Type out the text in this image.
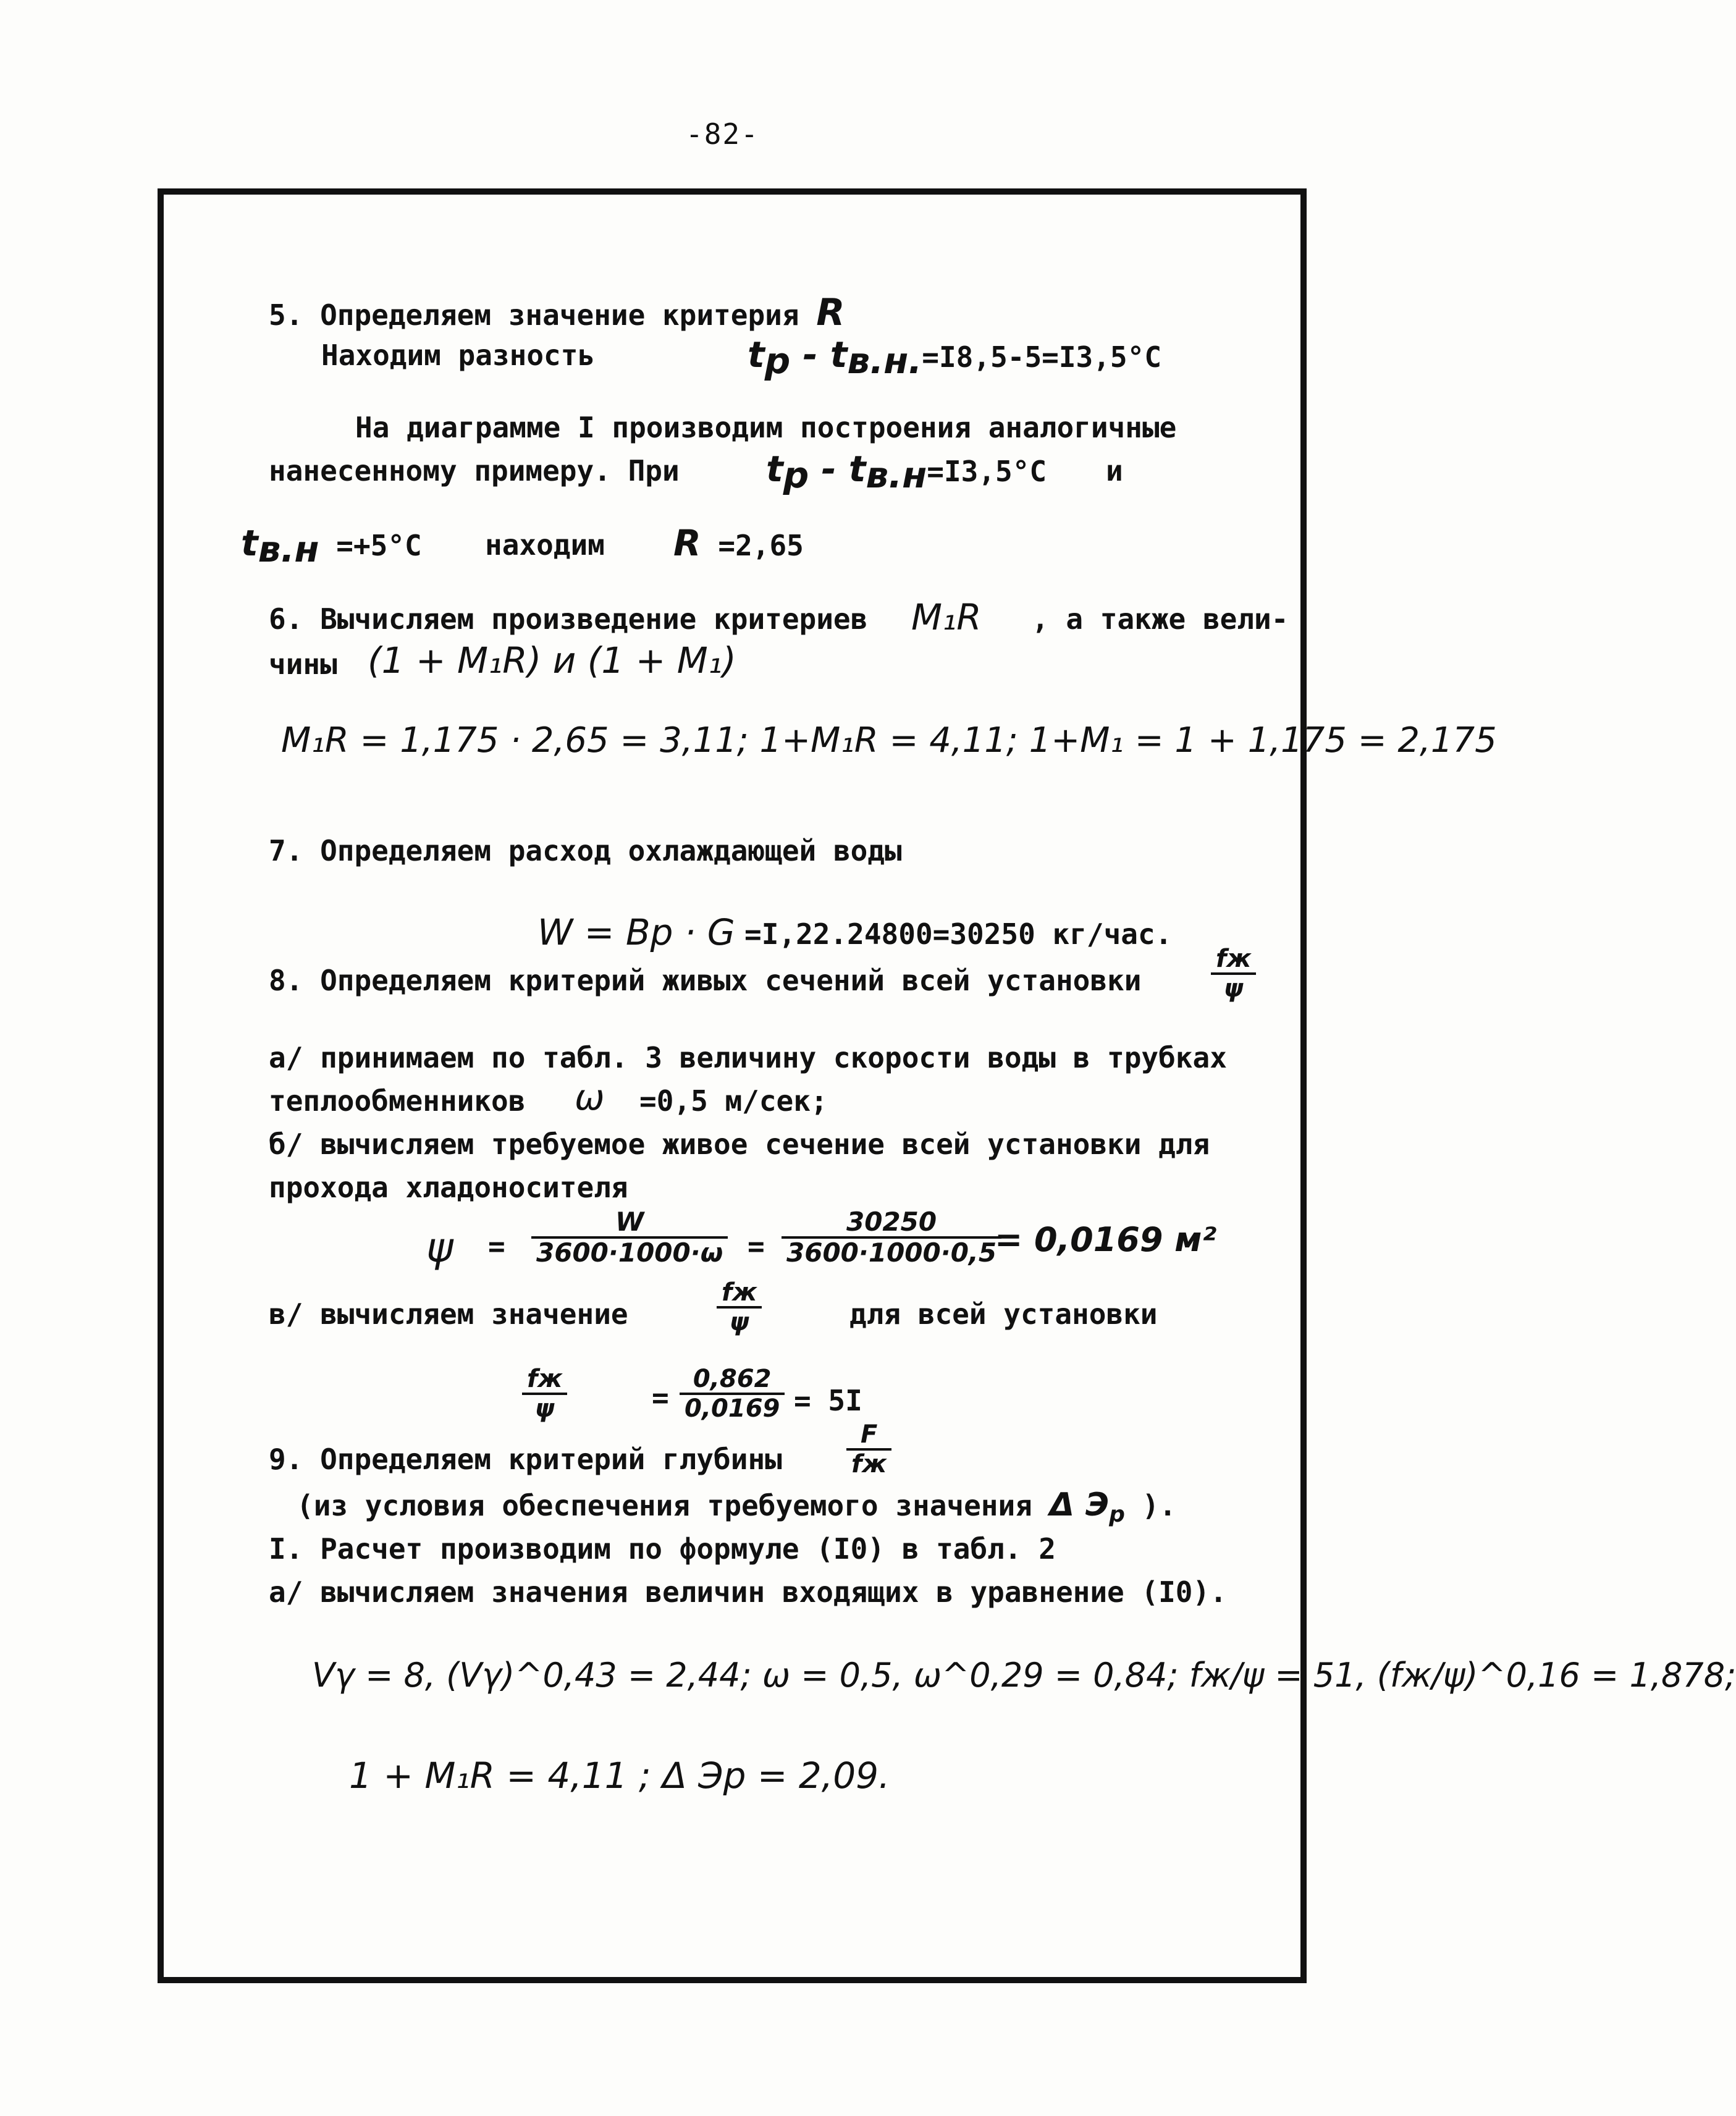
-82-
5. Определяем значение критерия R
Находим разность	$t_р - t_{в.н.}=I8,5-5=I3,5^\circ C$
На диаграмме I производим построения аналогичные
нанесенному примеру. При $t_р - t_{в.н}=I3,5^\circ C$ и
$t_{в.н} =+5^\circ C$ находим R =2,65
6. Вычисляем произведение критериев M₁R , а также вели-
чины (1 + M₁R) и (1 + M₁)
M₁R = 1,175 · 2,65 = 3,11; 1+M₁R = 4,11; 1+M₁ = 1 + 1,175 = 2,175
7. Определяем расход охлаждающей воды
W = Bр · G =I,22.24800=30250 кг/час.
8. Определяем критерий живых сечений всей установки
fж
ψ
а/ принимаем по табл. 3 величину скорости воды в трубках
теплообменников ω =0,5 м/сек;
б/ вычисляем требуемое живое сечение всей установки для
прохода хладоносителя
$\psi = \frac{W}{3600\cdot 1000\cdot\omega} = \frac{30250}{3600\cdot 1000\cdot 0,5}$
= 0,0169 м²
в/ вычисляем значение
fж
ψ	для всей установки
fж
ψ	= $\frac{0,862}{0,0169} = 5I$
9. Определяем критерий глубины
F
fж
(из условия обеспечения требуемого значения Δ $Э_р$ ).
I. Расчет производим по формуле (I0) в табл. 2
а/ вычисляем значения величин входящих в уравнение (I0).
Vγ = 8, (Vγ)^0,43 = 2,44; ω = 0,5, ω^0,29 = 0,84; fж/ψ = 51, (fж/ψ)^0,16 = 1,878;
1 + M₁R = 4,11 ; Δ Эр = 2,09.
